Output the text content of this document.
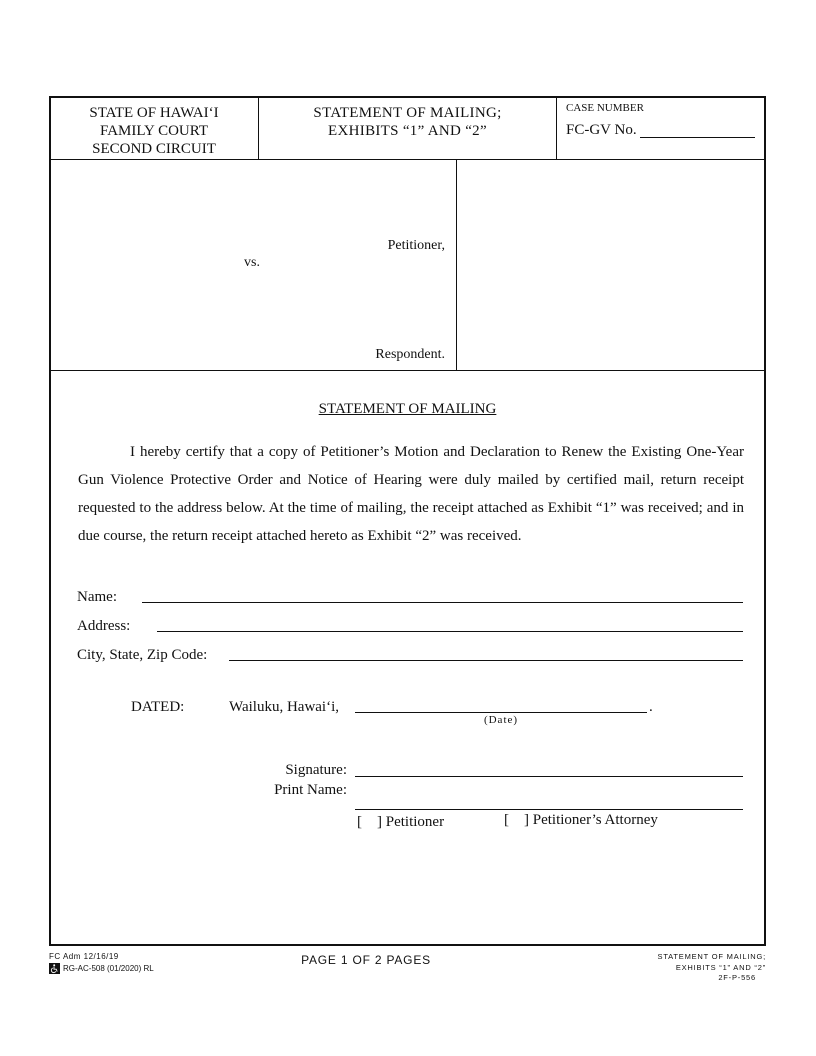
STATE OF HAWAIʻI
FAMILY COURT
SECOND CIRCUIT
STATEMENT OF MAILING;
EXHIBITS “1” AND “2”
CASE NUMBER
FC-GV No.
Petitioner,
vs.
Respondent.
STATEMENT OF MAILING
I hereby certify that a copy of Petitioner’s Motion and Declaration to Renew the Existing One-Year Gun Violence Protective Order and Notice of Hearing were duly mailed by certified mail, return receipt requested to the address below. At the time of mailing, the receipt attached as Exhibit “1” was received; and in due course, the return receipt attached hereto as Exhibit “2” was received.
Name:
Address:
City, State, Zip Code:
DATED:	Wailuku, Hawaiʻi,	.
(Date)
Signature:
Print Name:
[    ] Petitioner	[    ] Petitioner’s Attorney
FC Adm 12/16/19
RG-AC-508 (01/2020) RL
PAGE 1 OF 2 PAGES	STATEMENT OF MAILING;
EXHIBITS “1” AND “2”
2F-P-556
